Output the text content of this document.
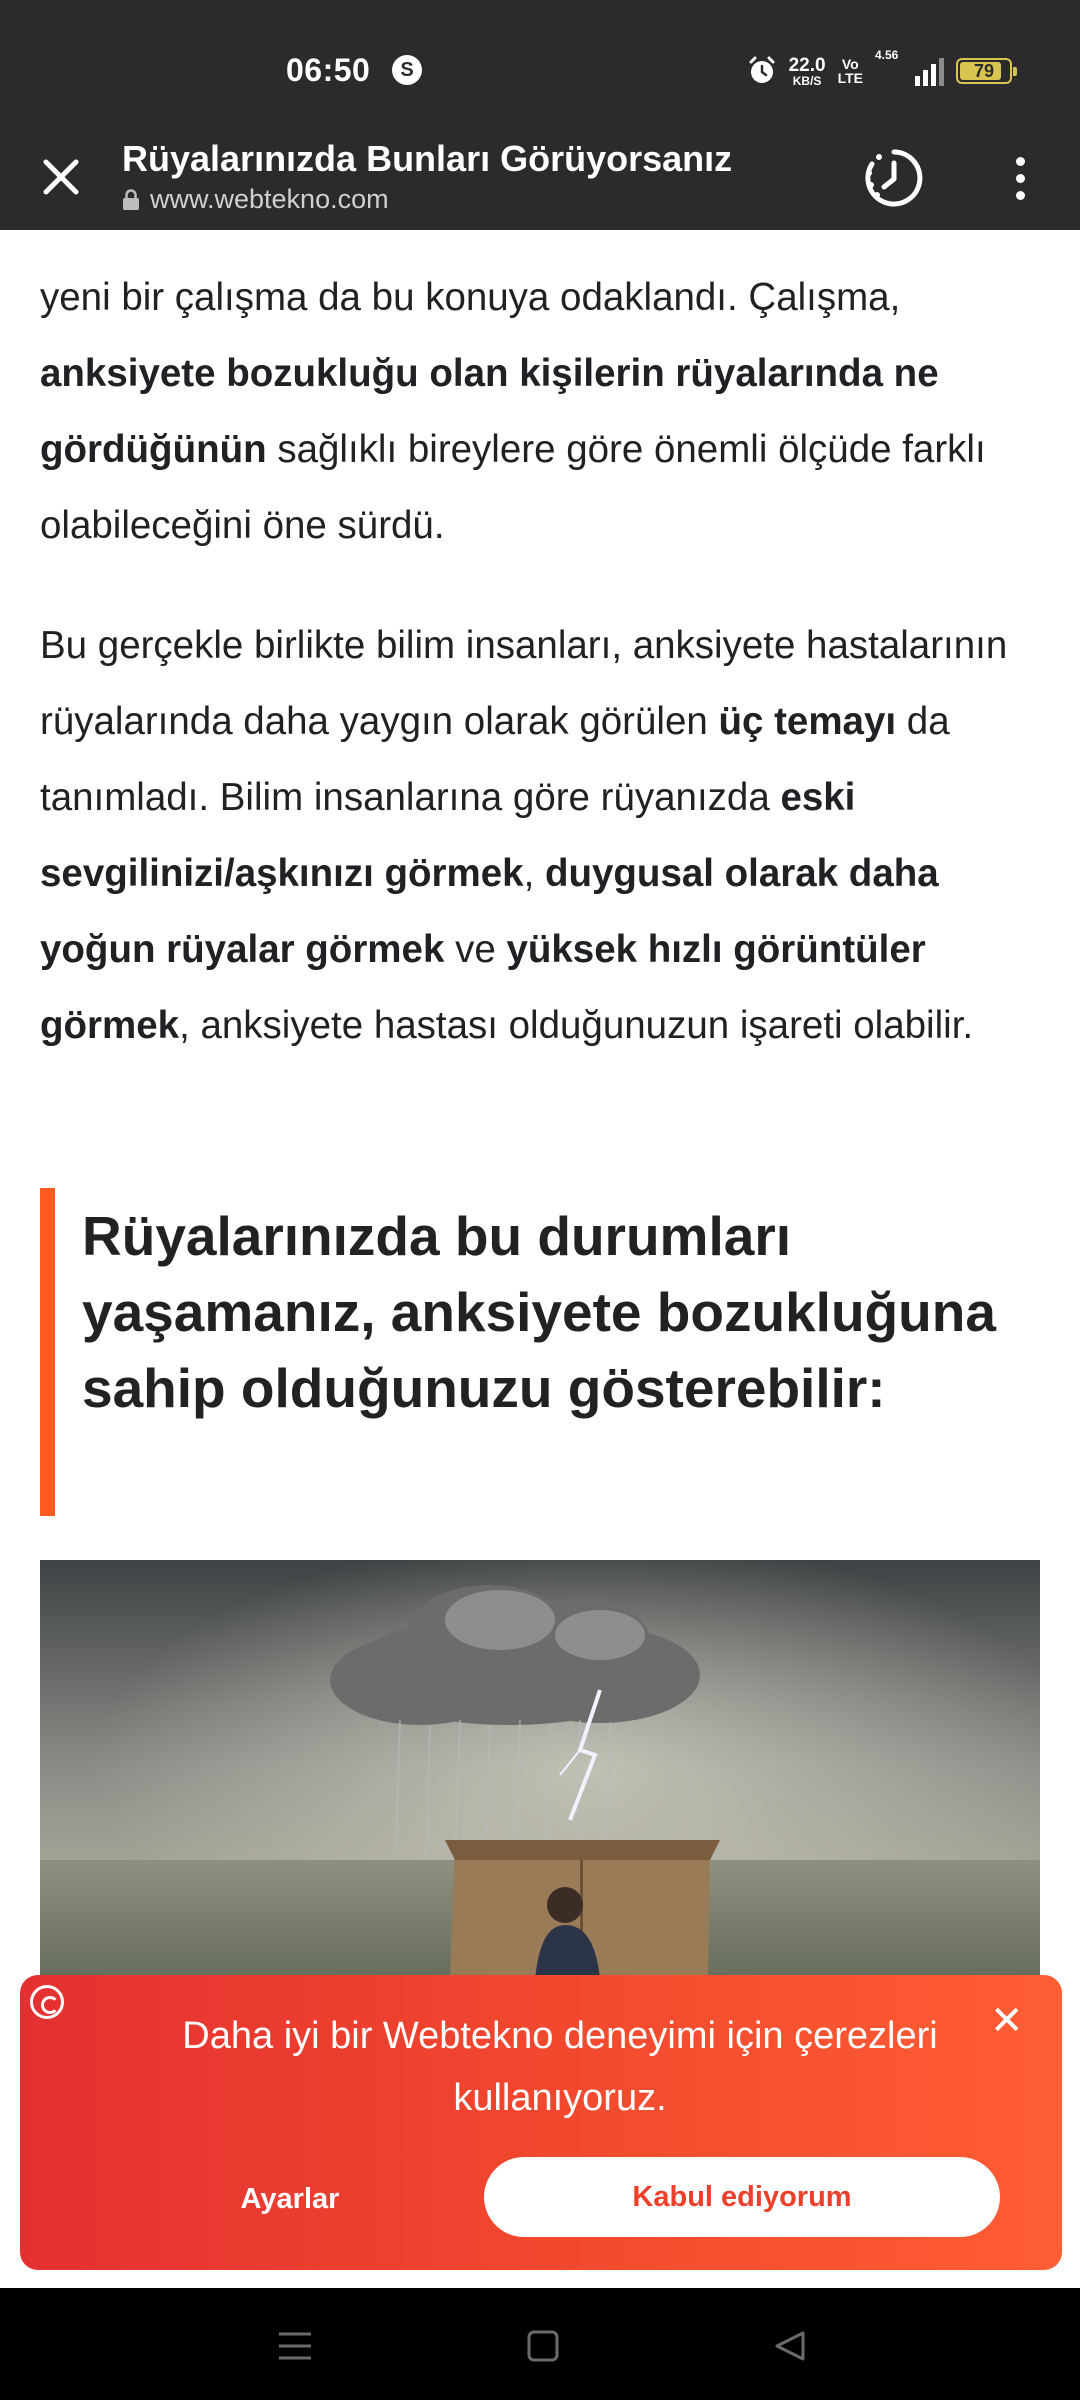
06:50	S	22.0
KB/S
Vo
LTE
4.56
79
Rüyalarınızda Bunları Görüyorsanız
www.webtekno.com

yeni bir çalışma da bu konuya odaklandı. Çalışma, anksiyete bozukluğu olan kişilerin rüyalarında ne gördüğünün sağlıklı bireylere göre önemli ölçüde farklı olabileceğini öne sürdü.

Bu gerçekle birlikte bilim insanları, anksiyete hastalarının rüyalarında daha yaygın olarak görülen üç temayı da tanımladı. Bilim insanlarına göre rüyanızda eski sevgilinizi/aşkınızı görmek, duygusal olarak daha yoğun rüyalar görmek ve yüksek hızlı görüntüler görmek, anksiyete hastası olduğunuzun işareti olabilir.

Rüyalarınızda bu durumları yaşamanız, anksiyete bozukluğuna sahip olduğunuzu gösterebilir:
✕
Daha iyi bir Webtekno deneyimi için çerezleri kullanıyoruz.
Ayarlar	Kabul ediyorum
